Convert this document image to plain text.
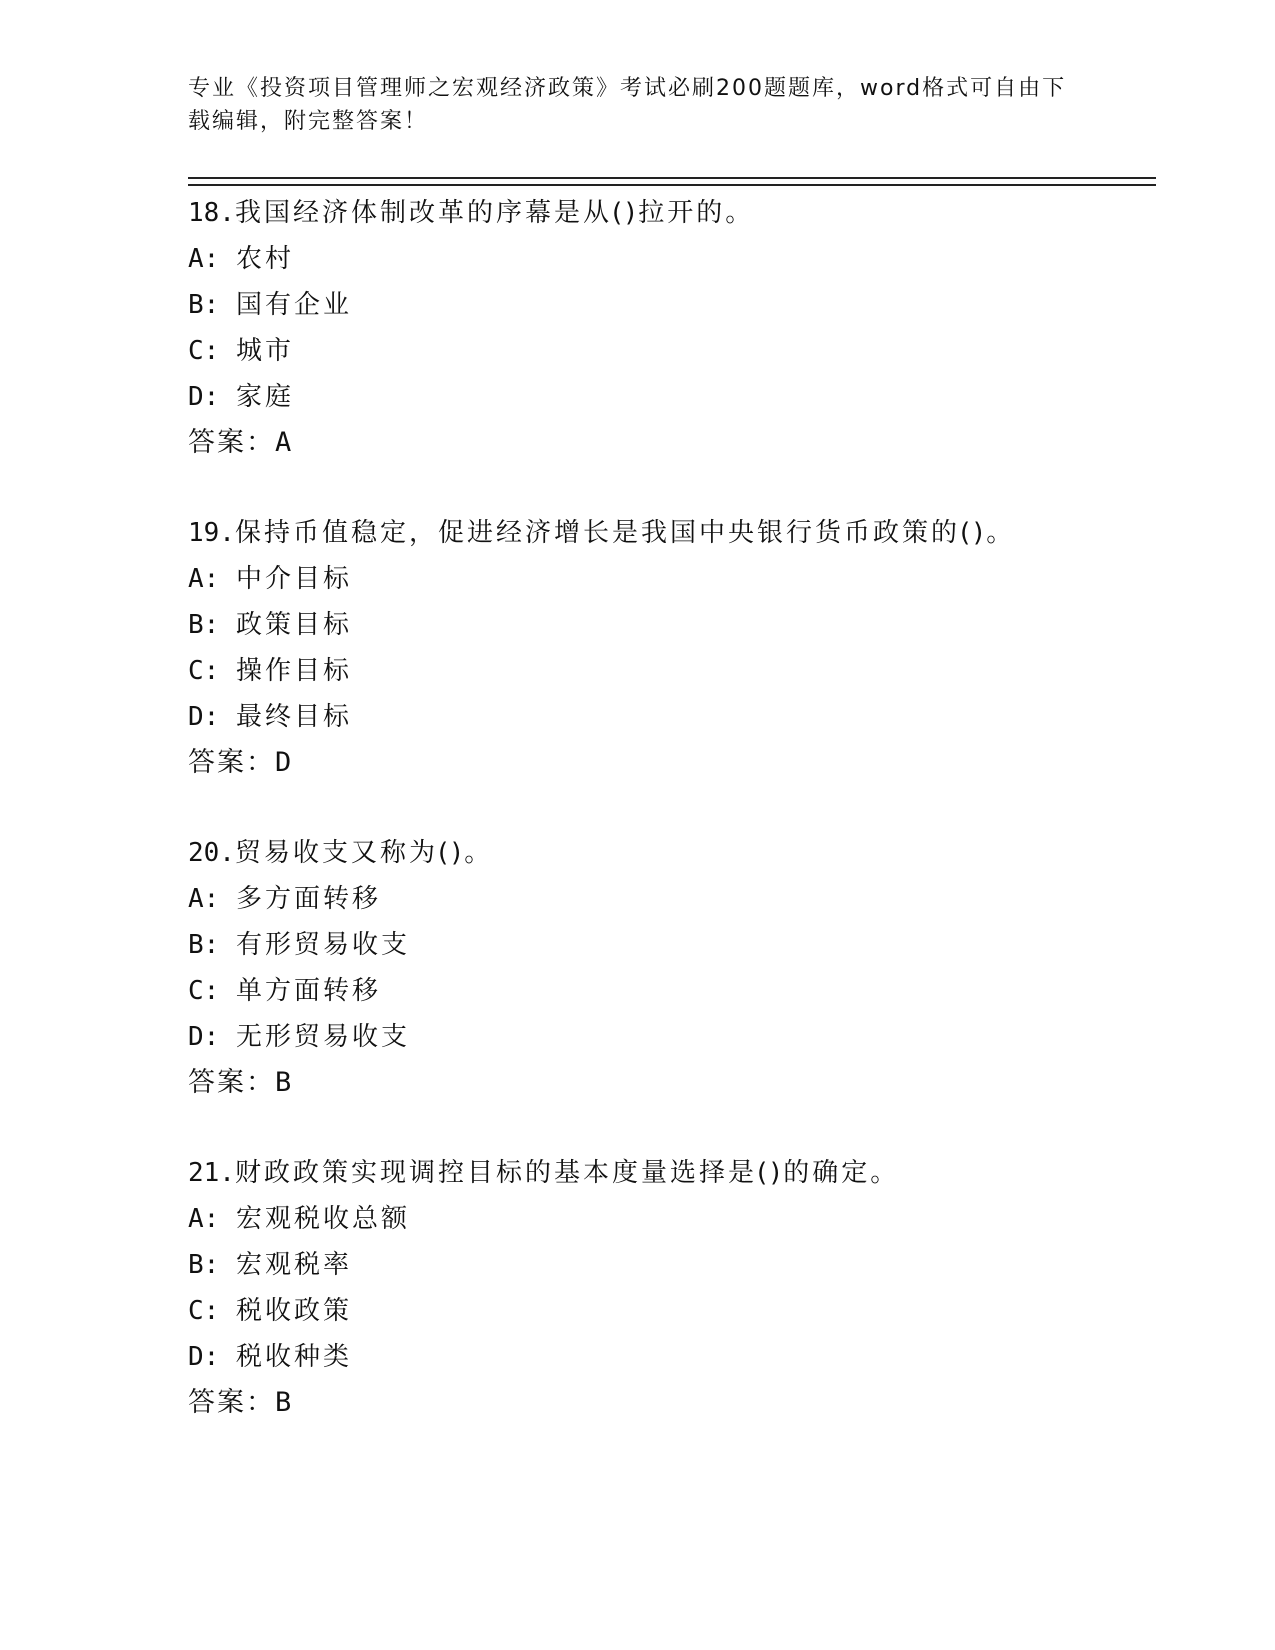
专业《投资项目管理师之宏观经济政策》考试必刷200题题库，word格式可自由下载编辑，附完整答案！
18.我国经济体制改革的序幕是从()拉开的。
A: 农村
B: 国有企业
C: 城市
D: 家庭
答案：A
19.保持币值稳定，促进经济增长是我国中央银行货币政策的()。
A: 中介目标
B: 政策目标
C: 操作目标
D: 最终目标
答案：D
20.贸易收支又称为()。
A: 多方面转移
B: 有形贸易收支
C: 单方面转移
D: 无形贸易收支
答案：B
21.财政政策实现调控目标的基本度量选择是()的确定。
A: 宏观税收总额
B: 宏观税率
C: 税收政策
D: 税收种类
答案：B
